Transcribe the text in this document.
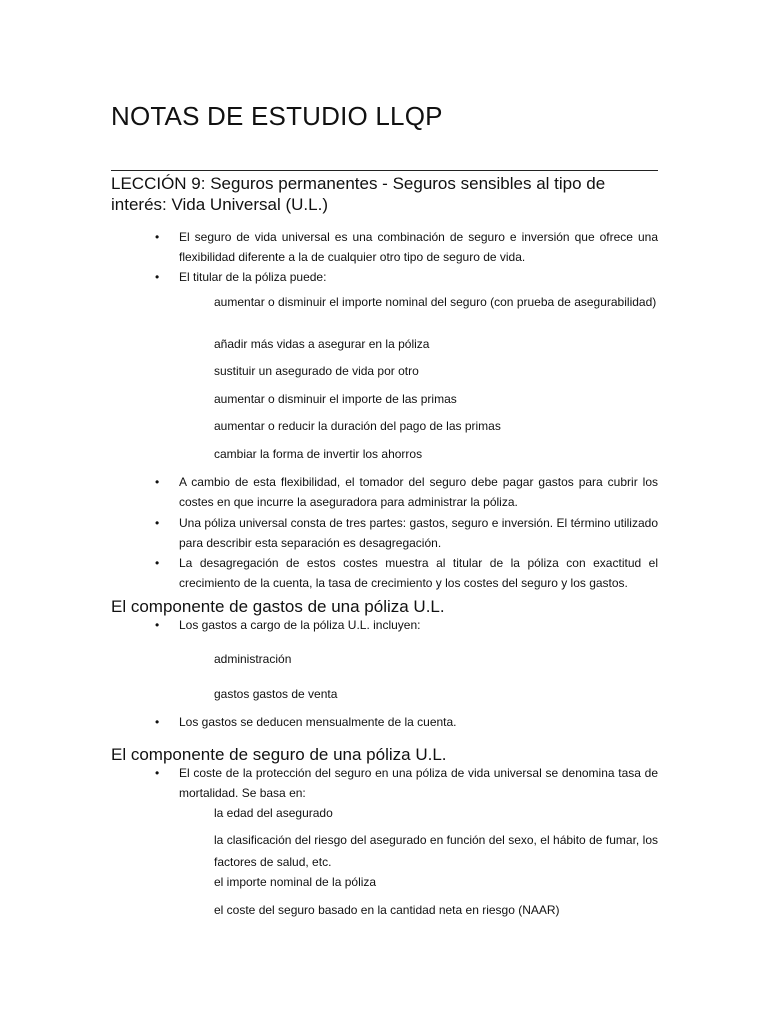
NOTAS DE ESTUDIO LLQP
LECCIÓN 9: Seguros permanentes - Seguros sensibles al tipo de interés: Vida Universal (U.L.)
• El seguro de vida universal es una combinación de seguro e inversión que ofrece una flexibilidad diferente a la de cualquier otro tipo de seguro de vida.

• El titular de la póliza puede:

aumentar o disminuir el importe nominal del seguro (con prueba de asegurabilidad)

añadir más vidas a asegurar en la póliza

sustituir un asegurado de vida por otro

aumentar o disminuir el importe de las primas

aumentar o reducir la duración del pago de las primas

cambiar la forma de invertir los ahorros

• A cambio de esta flexibilidad, el tomador del seguro debe pagar gastos para cubrir los costes en que incurre la aseguradora para administrar la póliza.

• Una póliza universal consta de tres partes: gastos, seguro e inversión. El término utilizado para describir esta separación es desagregación.

• La desagregación de estos costes muestra al titular de la póliza con exactitud el crecimiento de la cuenta, la tasa de crecimiento y los costes del seguro y los gastos.

El componente de gastos de una póliza U.L.
• Los gastos a cargo de la póliza U.L. incluyen:

administración

gastos gastos de venta

• Los gastos se deducen mensualmente de la cuenta.

El componente de seguro de una póliza U.L.
• El coste de la protección del seguro en una póliza de vida universal se denomina tasa de mortalidad. Se basa en:

la edad del asegurado

la clasificación del riesgo del asegurado en función del sexo, el hábito de fumar, los factores de salud, etc.

el importe nominal de la póliza

el coste del seguro basado en la cantidad neta en riesgo (NAAR)
